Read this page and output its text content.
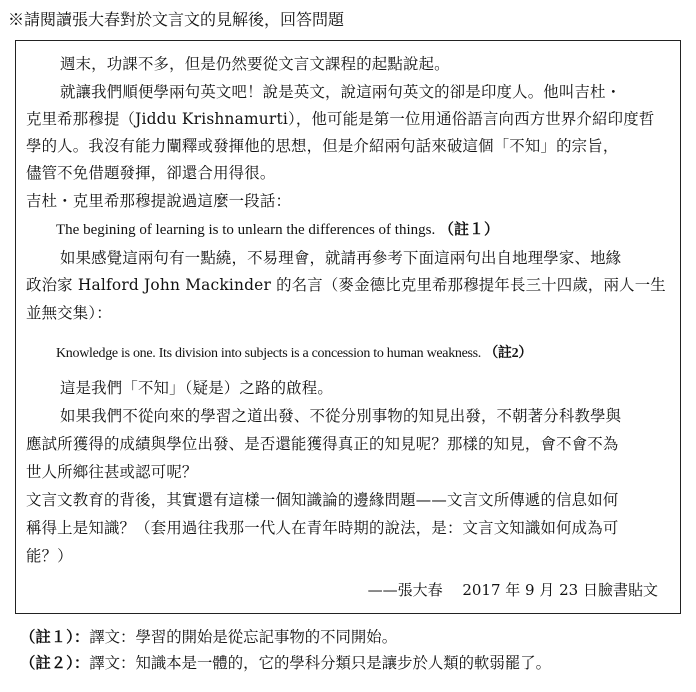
※請閱讀張大春對於文言文的見解後，回答問題
週末，功課不多，但是仍然要從文言文課程的起點說起。
就讓我們順便學兩句英文吧！說是英文，說這兩句英文的卻是印度人。他叫吉杜・
克里希那穆提（Jiddu Krishnamurti），他可能是第一位用通俗語言向西方世界介紹印度哲
學的人。我沒有能力闡釋或發揮他的思想，但是介紹兩句話來破這個「不知」的宗旨，
儘管不免借題發揮，卻還合用得很。
吉杜・克里希那穆提說過這麼一段話：
The begining of learning is to unlearn the differences of things. （註１）
如果感覺這兩句有一點繞，不易理會，就請再參考下面這兩句出自地理學家、地緣
政治家 Halford John Mackinder 的名言（麥金德比克里希那穆提年長三十四歲，兩人一生
並無交集）：
Knowledge is one. Its division into subjects is a concession to human weakness. （註2）
這是我們「不知」（疑是）之路的啟程。
如果我們不從向來的學習之道出發、不從分別事物的知見出發，不朝著分科教學與
應試所獲得的成績與學位出發、是否還能獲得真正的知見呢？那樣的知見，會不會不為
世人所鄉往甚或認可呢？
文言文教育的背後，其實還有這樣一個知識論的邊緣問題——文言文所傳遞的信息如何
稱得上是知識？（套用過往我那一代人在青年時期的說法，是：文言文知識如何成為可
能？）
——張大春　 2017 年 9 月 23 日臉書貼文
（註１）：譯文：學習的開始是從忘記事物的不同開始。
（註２）：譯文：知識本是一體的，它的學科分類只是讓步於人類的軟弱罷了。
